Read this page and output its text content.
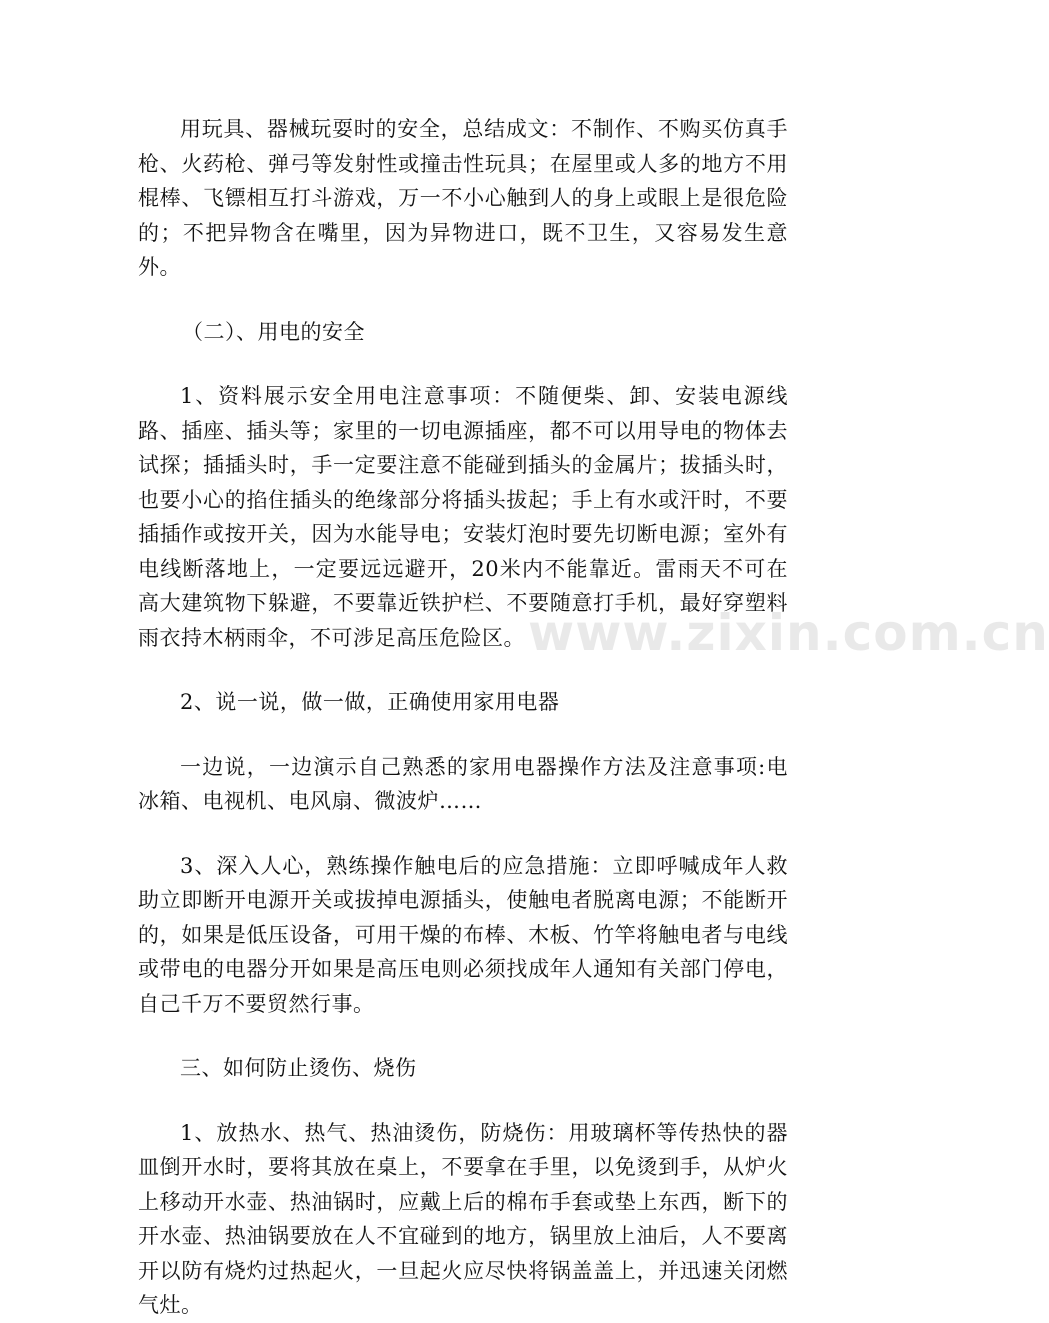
用玩具、器械玩耍时的安全，总结成文：不制作、不购买仿真手枪、火药枪、弹弓等发射性或撞击性玩具；在屋里或人多的地方不用棍棒、飞镖相互打斗游戏，万一不小心触到人的身上或眼上是很危险的；不把异物含在嘴里，因为异物进口，既不卫生，又容易发生意外。

（二）、用电的安全

1、资料展示安全用电注意事项：不随便柴、卸、安装电源线路、插座、插头等；家里的一切电源插座，都不可以用导电的物体去试探；插插头时，手一定要注意不能碰到插头的金属片；拔插头时，也要小心的掐住插头的绝缘部分将插头拔起；手上有水或汗时，不要插插作或按开关，因为水能导电；安装灯泡时要先切断电源；室外有电线断落地上，一定要远远避开，20米内不能靠近。雷雨天不可在高大建筑物下躲避，不要靠近铁护栏、不要随意打手机，最好穿塑料雨衣持木柄雨伞，不可涉足高压危险区。

2、说一说，做一做，正确使用家用电器

一边说，一边演示自己熟悉的家用电器操作方法及注意事项:电冰箱、电视机、电风扇、微波炉……

3、深入人心，熟练操作触电后的应急措施：立即呼喊成年人救助立即断开电源开关或拔掉电源插头，使触电者脱离电源；不能断开的，如果是低压设备，可用干燥的布棒、木板、竹竿将触电者与电线或带电的电器分开如果是高压电则必须找成年人通知有关部门停电，自己千万不要贸然行事。

三、如何防止烫伤、烧伤

1、放热水、热气、热油烫伤，防烧伤：用玻璃杯等传热快的器皿倒开水时，要将其放在桌上，不要拿在手里，以免烫到手，从炉火上移动开水壶、热油锅时，应戴上后的棉布手套或垫上东西，断下的开水壶、热油锅要放在人不宜碰到的地方，锅里放上油后，人不要离开以防有烧灼过热起火，一旦起火应尽快将锅盖盖上，并迅速关闭燃气灶。

www.zixin.com.cn
